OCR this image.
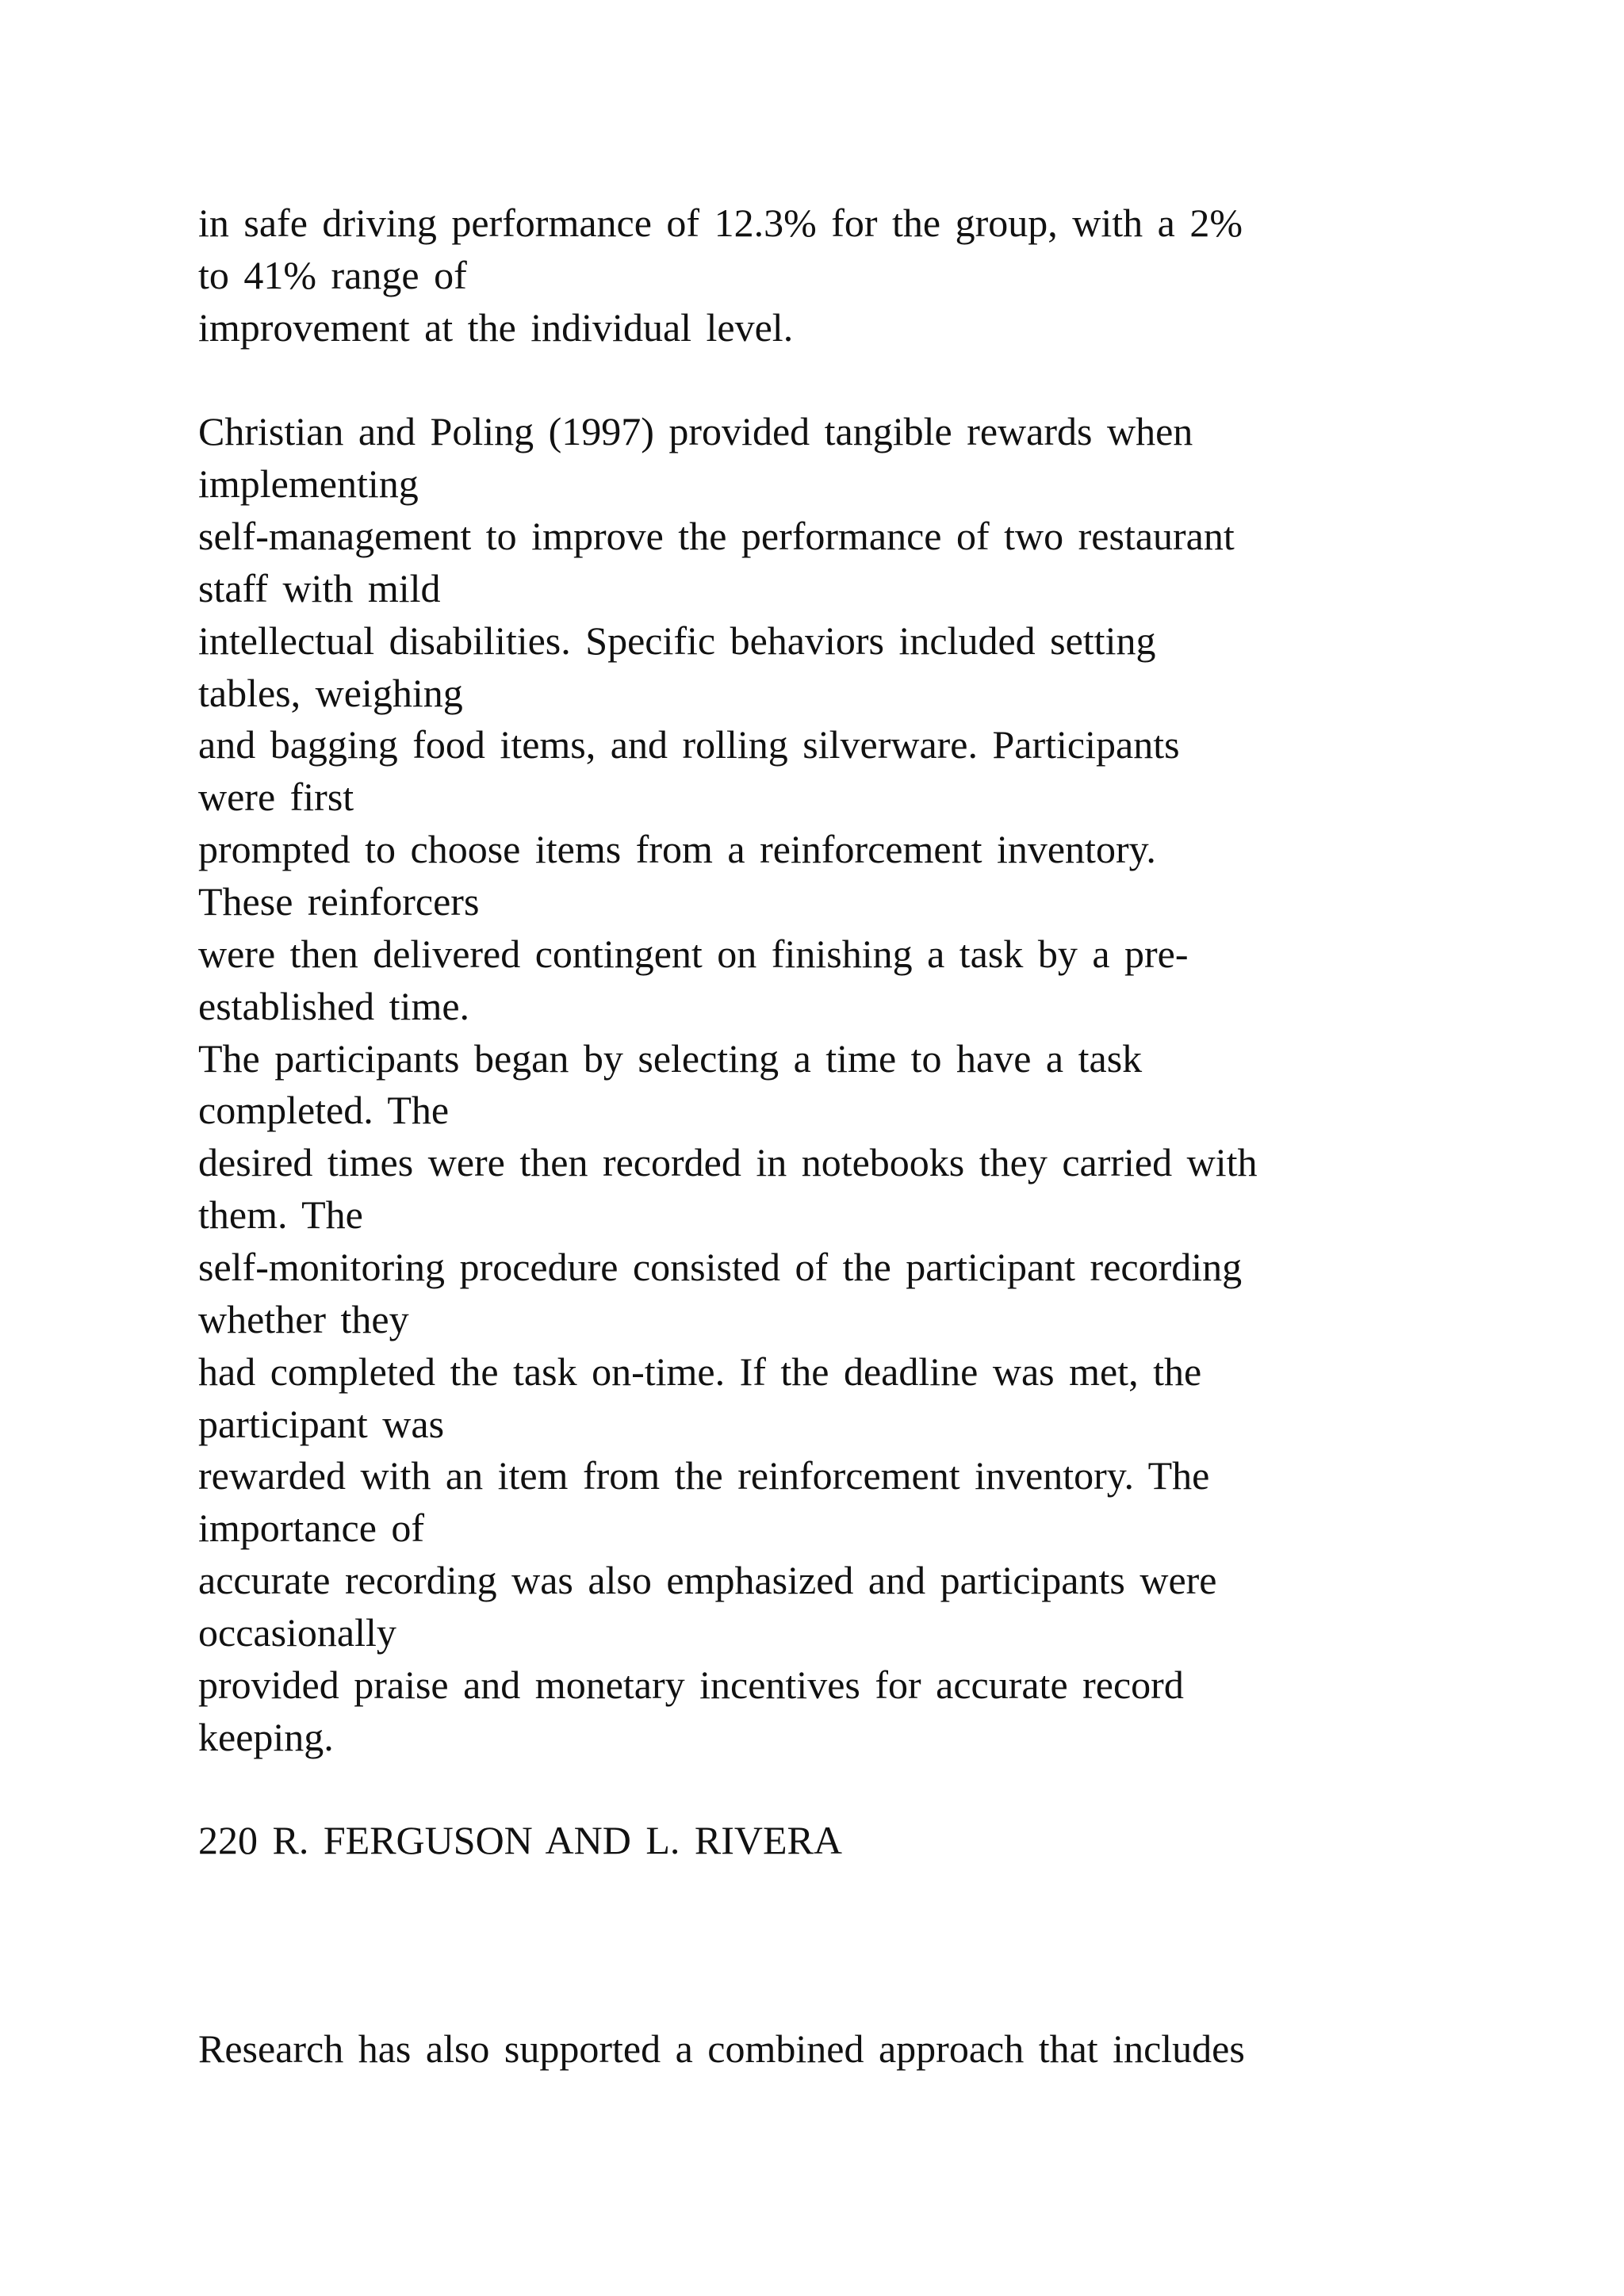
in safe driving performance of 12.3% for the group, with a 2%

to 41% range of

improvement at the individual level.

Christian and Poling (1997) provided tangible rewards when

implementing

self-management to improve the performance of two restaurant

staff with mild

intellectual disabilities. Specific behaviors included setting

tables, weighing

and bagging food items, and rolling silverware. Participants

were first

prompted to choose items from a reinforcement inventory.

These reinforcers

were then delivered contingent on finishing a task by a pre-

established time.

The participants began by selecting a time to have a task

completed. The

desired times were then recorded in notebooks they carried with

them. The

self-monitoring procedure consisted of the participant recording

whether they

had completed the task on-time. If the deadline was met, the

participant was

rewarded with an item from the reinforcement inventory. The

importance of

accurate recording was also emphasized and participants were

occasionally

provided praise and monetary incentives for accurate record

keeping.

220 R. FERGUSON AND L. RIVERA

Research has also supported a combined approach that includes
